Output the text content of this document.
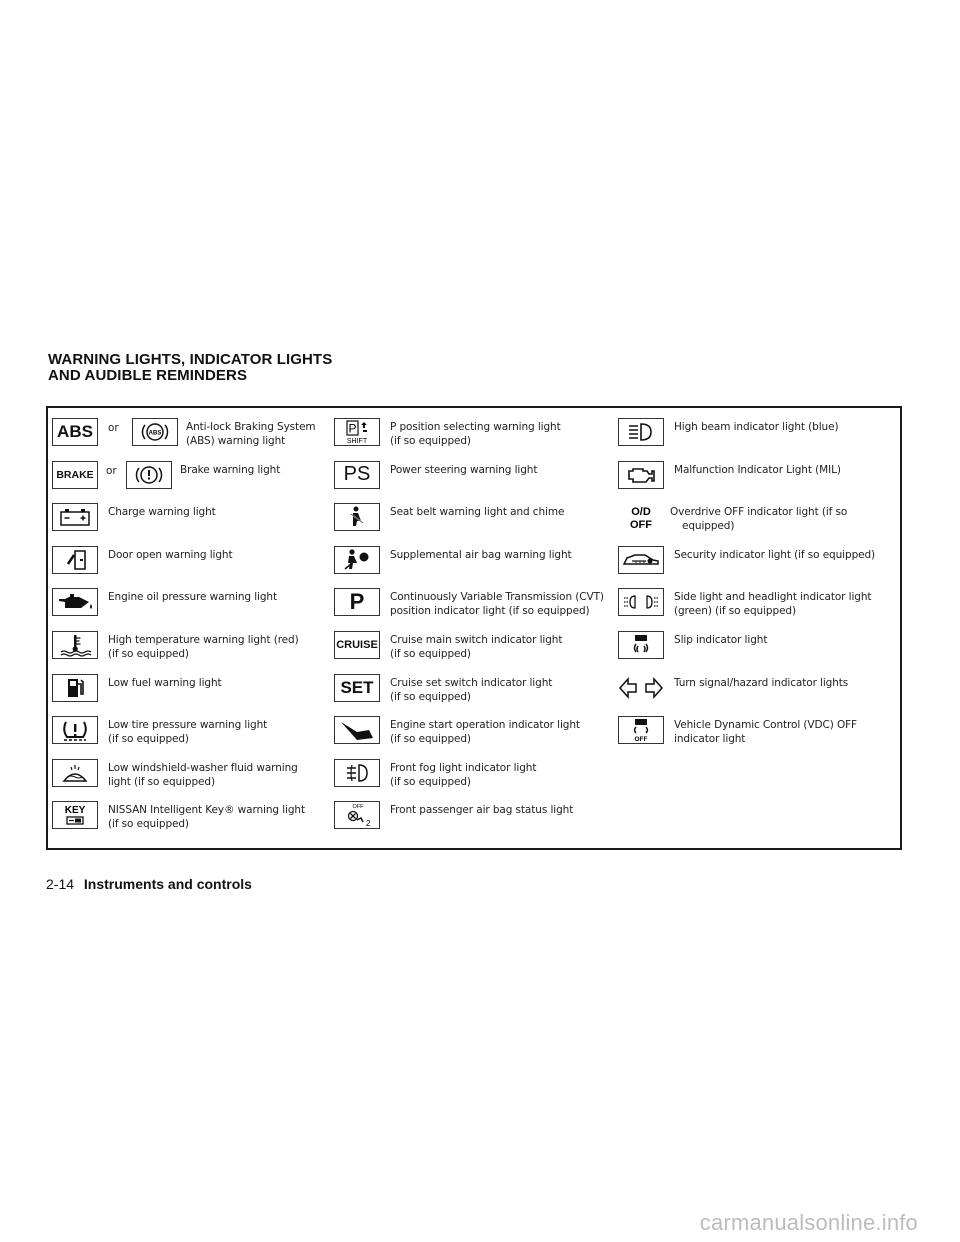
WARNING LIGHTS, INDICATOR LIGHTS
AND AUDIBLE REMINDERS
ABS or	ABS
Anti-lock Braking System
(ABS) warning light
BRAKE or	Brake warning light
Charge warning light
Door open warning light
Engine oil pressure warning light
High temperature warning light (red)
(if so equipped)
Low fuel warning light
Low tire pressure warning light
(if so equipped)
Low windshield-washer fluid warning
light (if so equipped)
KEY NISSAN Intelligent Key® warning light
(if so equipped)
P
SHIFT
P position selecting warning light
(if so equipped)
PS Power steering warning light
Seat belt warning light and chime
Supplemental air bag warning light
P Continuously Variable Transmission (CVT)
position indicator light (if so equipped)
CRUISE Cruise main switch indicator light
(if so equipped)
SET Cruise set switch indicator light
(if so equipped)
Engine start operation indicator light
(if so equipped)
Front fog light indicator light
(if so equipped)
OFF
2
Front passenger air bag status light
High beam indicator light (blue)
Malfunction Indicator Light (MIL)
O/D
OFF
Overdrive OFF indicator light (if so
equipped)
Security indicator light (if so equipped)
Side light and headlight indicator light
(green) (if so equipped)
Slip indicator light
Turn signal/hazard indicator lights
OFF
Vehicle Dynamic Control (VDC) OFF
indicator light
2-14 Instruments and controls
carmanualsonline.info
